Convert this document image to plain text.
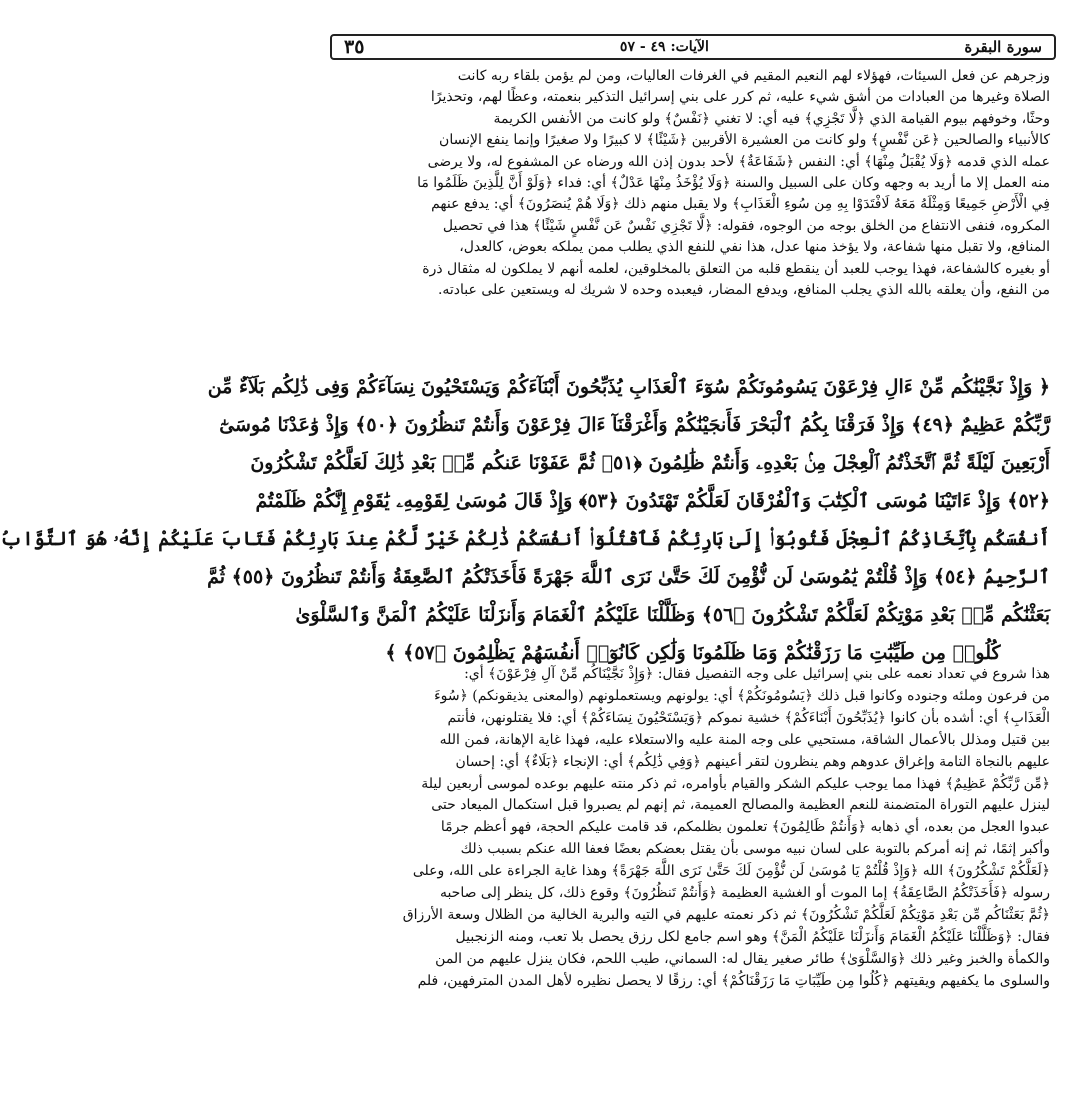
سورة البقرة
الآيات: ٤٩ - ٥٧
٣٥
وزجرهم عن فعل السيئات، فهؤلاء لهم النعيم المقيم في الغرفات العاليات، ومن لم يؤمن بلقاء ربه كانت
الصلاة وغيرها من العبادات من أشق شيء عليه، ثم كرر على بني إسرائيل التذكير بنعمته، وعظًا لهم، وتحذيرًا
وحثًا، وخوفهم بيوم القيامة الذي ﴿لَّا تَجْزِي﴾ فيه أي: لا تغني ﴿نَفْسٌ﴾ ولو كانت من الأنفس الكريمة
كالأنبياء والصالحين ﴿عَن نَّفْسٍ﴾ ولو كانت من العشيرة الأقربين ﴿شَيْئًا﴾ لا كبيرًا ولا صغيرًا وإنما ينفع الإنسان
عمله الذي قدمه ﴿وَلَا يُقْبَلُ مِنْهَا﴾ أي: النفس ﴿شَفَاعَةٌ﴾ لأحد بدون إذن الله ورضاه عن المشفوع له، ولا يرضى
منه العمل إلا ما أريد به وجهه وكان على السبيل والسنة ﴿وَلَا يُؤْخَذُ مِنْهَا عَدْلٌ﴾ أي: فداء ﴿وَلَوْ أَنَّ لِلَّذِينَ ظَلَمُوا مَا
فِي الْأَرْضِ جَمِيعًا وَمِثْلَهُ مَعَهُ لَافْتَدَوْا بِهِ مِن سُوءِ الْعَذَابِ﴾ ولا يقبل منهم ذلك ﴿وَلَا هُمْ يُنصَرُونَ﴾ أي: يدفع عنهم
المكروه، فنفى الانتفاع من الخلق بوجه من الوجوه، فقوله: ﴿لَّا تَجْزِي نَفْسٌ عَن نَّفْسٍ شَيْئًا﴾ هذا في تحصيل
المنافع، ولا تقبل منها شفاعة، ولا يؤخذ منها عدل، هذا نفي للنفع الذي يطلب ممن يملكه بعوض، كالعدل،
أو بغيره كالشفاعة، فهذا يوجب للعبد أن ينقطع قلبه من التعلق بالمخلوقين، لعلمه أنهم لا يملكون له مثقال ذرة
من النفع، وأن يعلقه بالله الذي يجلب المنافع، ويدفع المضار، فيعبده وحده لا شريك له ويستعين على عبادته.
﴿ وَإِذْ نَجَّيْنَٰكُم مِّنْ ءَالِ فِرْعَوْنَ يَسُومُونَكُمْ سُوٓءَ ٱلْعَذَابِ يُذَبِّحُونَ أَبْنَآءَكُمْ وَيَسْتَحْيُونَ نِسَآءَكُمْ وَفِى ذَٰلِكُم بَلَآءٌ مِّن
رَّبِّكُمْ عَظِيمٌ ﴿٤٩﴾ وَإِذْ فَرَقْنَا بِكُمُ ٱلْبَحْرَ فَأَنجَيْنَٰكُمْ وَأَغْرَقْنَآ ءَالَ فِرْعَوْنَ وَأَنتُمْ تَنظُرُونَ ﴿٥٠﴾ وَإِذْ وَٰعَدْنَا مُوسَىٰٓ
أَرْبَعِينَ لَيْلَةً ثُمَّ ٱتَّخَذْتُمُ ٱلْعِجْلَ مِنۢ بَعْدِهِۦ وَأَنتُمْ ظَٰلِمُونَ ﴿٥١﴾ ثُمَّ عَفَوْنَا عَنكُم مِّنۢ بَعْدِ ذَٰلِكَ لَعَلَّكُمْ تَشْكُرُونَ
﴿٥٢﴾ وَإِذْ ءَاتَيْنَا مُوسَى ٱلْكِتَٰبَ وَٱلْفُرْقَانَ لَعَلَّكُمْ تَهْتَدُونَ ﴿٥٣﴾ وَإِذْ قَالَ مُوسَىٰ لِقَوْمِهِۦ يَٰقَوْمِ إِنَّكُمْ ظَلَمْتُمْ
أَنفُسَكُم بِٱتِّخَاذِكُمُ ٱلْعِجْلَ فَتُوبُوٓا۟ إِلَىٰ بَارِئِكُمْ فَٱقْتُلُوٓا۟ أَنفُسَكُمْ ذَٰلِكُمْ خَيْرٌ لَّكُمْ عِندَ بَارِئِكُمْ فَتَابَ عَلَيْكُمْ إِنَّهُۥ هُوَ ٱلتَّوَّابُ
ٱلرَّحِيمُ ﴿٥٤﴾ وَإِذْ قُلْتُمْ يَٰمُوسَىٰ لَن نُّؤْمِنَ لَكَ حَتَّىٰ نَرَى ٱللَّهَ جَهْرَةً فَأَخَذَتْكُمُ ٱلصَّٰعِقَةُ وَأَنتُمْ تَنظُرُونَ ﴿٥٥﴾ ثُمَّ
بَعَثْنَٰكُم مِّنۢ بَعْدِ مَوْتِكُمْ لَعَلَّكُمْ تَشْكُرُونَ ﴿٥٦﴾ وَظَلَّلْنَا عَلَيْكُمُ ٱلْغَمَامَ وَأَنزَلْنَا عَلَيْكُمُ ٱلْمَنَّ وَٱلسَّلْوَىٰ
كُلُوا۟ مِن طَيِّبَٰتِ مَا رَزَقْنَٰكُمْ وَمَا ظَلَمُونَا وَلَٰكِن كَانُوٓا۟ أَنفُسَهُمْ يَظْلِمُونَ ﴿٥٧﴾ ﴾
هذا شروع في تعداد نعمه على بني إسرائيل على وجه التفصيل فقال: ﴿وَإِذْ نَجَّيْنَاكُم مِّنْ آلِ فِرْعَوْنَ﴾ أي:
من فرعون وملئه وجنوده وكانوا قبل ذلك ﴿يَسُومُونَكُمْ﴾ أي: يولونهم ويستعملونهم (والمعنى يذيقونكم) ﴿سُوءَ
الْعَذَابِ﴾ أي: أشده بأن كانوا ﴿يُذَبِّحُونَ أَبْنَاءَكُمْ﴾ خشية نموكم ﴿وَيَسْتَحْيُونَ نِسَاءَكُمْ﴾ أي: فلا يقتلونهن، فأنتم
بين قتيل ومذلل بالأعمال الشاقة، مستحيي على وجه المنة عليه والاستعلاء عليه، فهذا غاية الإهانة، فمن الله
عليهم بالنجاة التامة وإغراق عدوهم وهم ينظرون لتقر أعينهم ﴿وَفِي ذَٰلِكُم﴾ أي: الإنجاء ﴿بَلَاءٌ﴾ أي: إحسان
﴿مِّن رَّبِّكُمْ عَظِيمٌ﴾ فهذا مما يوجب عليكم الشكر والقيام بأوامره، ثم ذكر منته عليهم بوعده لموسى أربعين ليلة
لينزل عليهم التوراة المتضمنة للنعم العظيمة والمصالح العميمة، ثم إنهم لم يصبروا قبل استكمال الميعاد حتى
عبدوا العجل من بعده، أي ذهابه ﴿وَأَنتُمْ ظَالِمُونَ﴾ تعلمون بظلمكم، قد قامت عليكم الحجة، فهو أعظم جرمًا
وأكبر إثمًا، ثم إنه أمركم بالتوبة على لسان نبيه موسى بأن يقتل بعضكم بعضًا فعفا الله عنكم بسبب ذلك
﴿لَعَلَّكُمْ تَشْكُرُونَ﴾ الله ﴿وَإِذْ قُلْتُمْ يَا مُوسَىٰ لَن نُّؤْمِنَ لَكَ حَتَّىٰ نَرَى اللَّهَ جَهْرَةً﴾ وهذا غاية الجراءة على الله، وعلى
رسوله ﴿فَأَخَذَتْكُمُ الصَّاعِقَةُ﴾ إما الموت أو الغشية العظيمة ﴿وَأَنتُمْ تَنظُرُونَ﴾ وقوع ذلك، كل ينظر إلى صاحبه
﴿ثُمَّ بَعَثْنَاكُم مِّن بَعْدِ مَوْتِكُمْ لَعَلَّكُمْ تَشْكُرُونَ﴾ ثم ذكر نعمته عليهم في التيه والبرية الخالية من الظلال وسعة الأرزاق
فقال: ﴿وَظَلَّلْنَا عَلَيْكُمُ الْغَمَامَ وَأَنزَلْنَا عَلَيْكُمُ الْمَنَّ﴾ وهو اسم جامع لكل رزق يحصل بلا تعب، ومنه الزنجبيل
والكمأة والخبز وغير ذلك ﴿وَالسَّلْوَىٰ﴾ طائر صغير يقال له: السماني، طيب اللحم، فكان ينزل عليهم من المن
والسلوى ما يكفيهم ويقيتهم ﴿كُلُوا مِن طَيِّبَاتِ مَا رَزَقْنَاكُمْ﴾ أي: رزقًا لا يحصل نظيره لأهل المدن المترفهين، فلم
